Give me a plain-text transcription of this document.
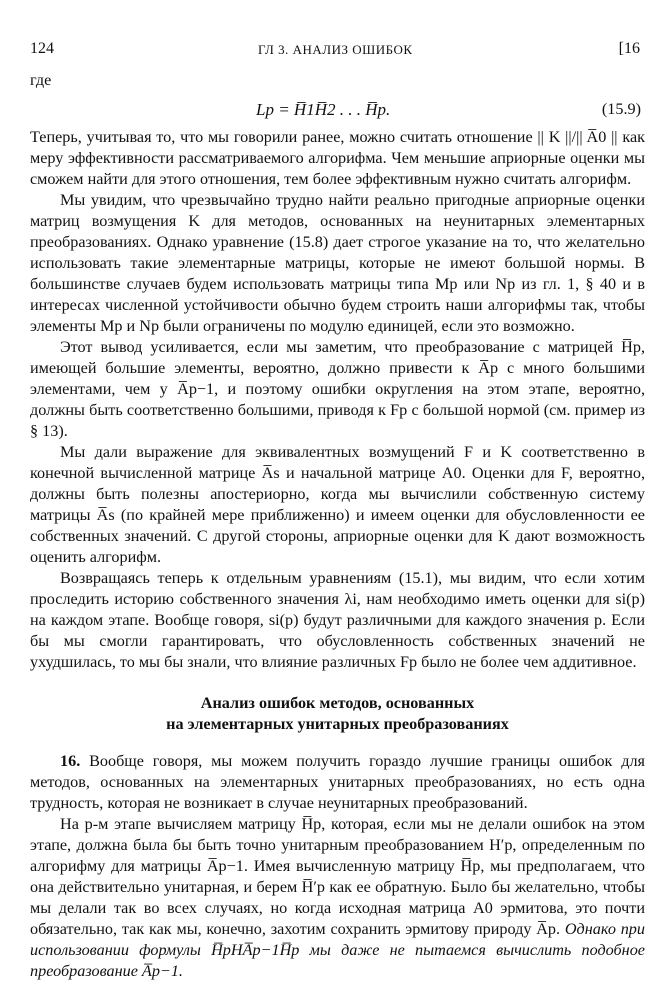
124	ГЛ 3. АНАЛИЗ ОШИБОК	[16

где

Lp = H̅1H̅2 . . . H̅p.	(15.9)

Теперь, учитывая то, что мы говорили ранее, можно считать отношение || K ||/|| A̅0 || как меру эффективности рассматриваемого алгорифма. Чем меньшие априорные оценки мы сможем найти для этого отношения, тем более эффективным нужно считать алгорифм.

Мы увидим, что чрезвычайно трудно найти реально пригодные априорные оценки матриц возмущения K для методов, основанных на неунитарных элементарных преобразованиях. Однако уравнение (15.8) дает строгое указание на то, что желательно использовать такие элементарные матрицы, которые не имеют большой нормы. В большинстве случаев будем использовать матрицы типа Mp или Np из гл. 1, § 40 и в интересах численной устойчивости обычно будем строить наши алгорифмы так, чтобы элементы Mp и Np были ограничены по модулю единицей, если это возможно.

Этот вывод усиливается, если мы заметим, что преобразование с матрицей H̅p, имеющей большие элементы, вероятно, должно привести к A̅p с много большими элементами, чем у A̅p−1, и поэтому ошибки округления на этом этапе, вероятно, должны быть соответственно большими, приводя к Fp с большой нормой (см. пример из § 13).

Мы дали выражение для эквивалентных возмущений F и K соответственно в конечной вычисленной матрице A̅s и начальной матрице A0. Оценки для F, вероятно, должны быть полезны апостериорно, когда мы вычислили собственную систему матрицы A̅s (по крайней мере приближенно) и имеем оценки для обусловленности ее собственных значений. С другой стороны, априорные оценки для K дают возможность оценить алгорифм.

Возвращаясь теперь к отдельным уравнениям (15.1), мы видим, что если хотим проследить историю собственного значения λi, нам необходимо иметь оценки для si(p) на каждом этапе. Вообще говоря, si(p) будут различными для каждого значения p. Если бы мы смогли гарантировать, что обусловленность собственных значений не ухудшилась, то мы бы знали, что влияние различных Fp было не более чем аддитивное.

Анализ ошибок методов, основанных
на элементарных унитарных преобразованиях

16. Вообще говоря, мы можем получить гораздо лучшие границы ошибок для методов, основанных на элементарных унитарных преобразованиях, но есть одна трудность, которая не возникает в случае неунитарных преобразований.

На p-м этапе вычисляем матрицу H̅p, которая, если мы не делали ошибок на этом этапе, должна была бы быть точно унитарным преобразованием H′p, определенным по алгорифму для матрицы A̅p−1. Имея вычисленную матрицу H̅p, мы предполагаем, что она действительно унитарная, и берем H̅′p как ее обратную. Было бы желательно, чтобы мы делали так во всех случаях, но когда исходная матрица A0 эрмитова, это почти обязательно, так как мы, конечно, захотим сохранить эрмитову природу A̅p. Однако при использовании формулы H̅pHA̅p−1H̅p мы даже не пытаемся вычислить подобное преобразование A̅p−1.
